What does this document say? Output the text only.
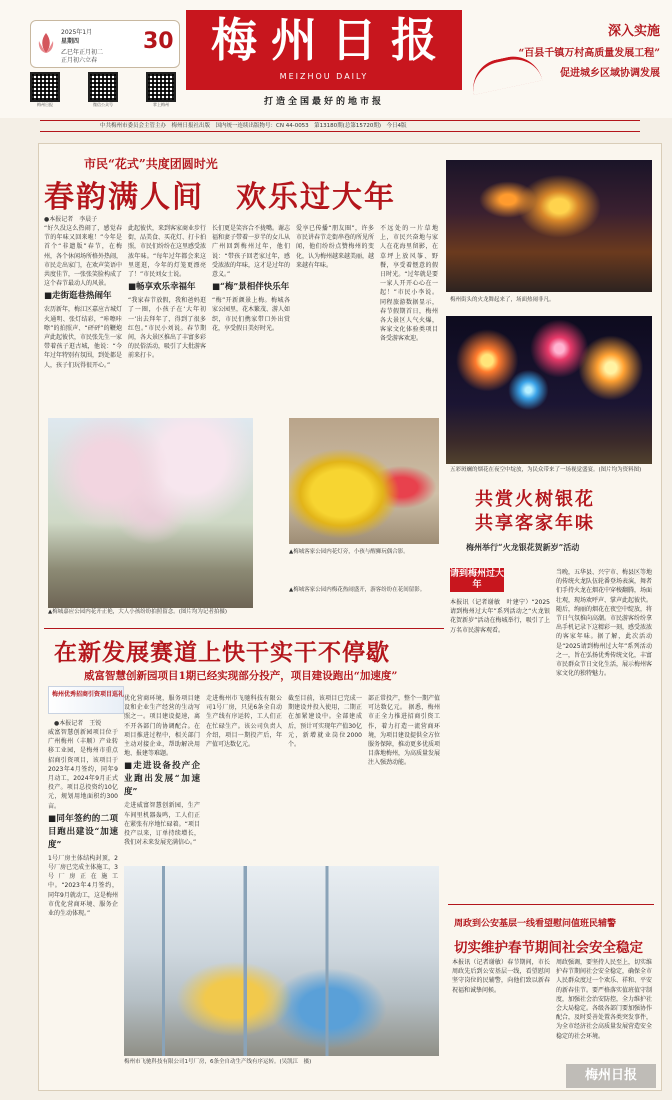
2025年1月
星期四
乙巳年正月初二
正月初六立春
30
梅州日报	微信公众号	掌上梅州
梅州日报
MEIZHOU DAILY
打造全国最好的地市报
深入实施
“百县千镇万村高质量发展工程”
促进城乡区域协调发展
中共梅州市委员会主管主办　梅州日报社出版　国内统一连续出版物号：CN 44-0053　第13180期(总第15720期)　今日4版
市民“花式”共度团圆时光
春韵满人间　欢乐过大年
●本报记者　李晨子
“好久没这么热闹了，感觉春节的年味又回来啦！”今年是首个“非遗版”春节，在梅州，各个休闲场所格外热闹，市民走出家门，在欢声笑语中共度佳节，一张张笑脸构成了这个春节最动人的风景。
■走街逛巷热闹年
农历新年，梅江区嘉应古城灯火通明、张灯结彩，“咔嚓咔嚓”的拍照声、“砰砰”的鞭炮声此起彼伏，市民张先生一家带着孩子逛古城，他说：“今年过年特别有氛围，到处都是人，孩子们玩得很开心。”
此起彼伏，来到客家商业步行街，品美食、买花灯、打卡拍照，市民们纷纷在这里感受浓浓年味。“每年过年都会来这里逛逛，今年的灯笼更漂亮了！”市民刘女士说。
■畅享欢乐幸福年
“我家春节放假，我和爸妈逛了一圈，小孩子在‘大年初一’出去拜年了，得到了很多红包。”市民小刘说。春节期间，各大景区推出了丰富多彩的民俗活动，吸引了大批游客前来打卡。
长们更是笑容合不拢嘴。谢志福和妻子带着一岁半的女儿从广州回到梅州过年，他们说：“带孩子回老家过年，感受浓浓的年味，这才是过年的意义。”
■“梅”景相伴快乐年
“梅”开新颜景上梅。梅城各家公园里，花木繁茂、游人如织，市民们携家带口外出赏花，享受假日美好时光。
爱享已传播“朋友圈”，许多市民讲春节走街串巷的所见所闻，他们纷纷点赞梅州的变化，认为梅州越来越美丽，越来越有年味。
不远处的一片草地上，市民兴奋地与家人在花海里留影，在草坪上放风筝、野餐，享受着惬意的假日时光。“过年就是要一家人开开心心在一起！”市民小李说。 同程旅游数据显示，春节假期首日，梅州各大景区人气火爆，客家文化体验类项目备受游客欢迎。
▲梅城嘉应公园内花开正艳，大人小孩纷纷拍照留念。(图片均为记者拍摄)
▲梅城客家公园内花灯旁，小孩与醒狮玩偶合影。
▲梅城客家公园内梅花热闹盛开，游客纷纷在花间留影。
梅州街头的火龙舞起来了，场面热闹非凡。
五彩斑斓的烟花在夜空中绽放，为民众带来了一场视觉盛宴。(图片均为资料图)
共赏火树银花
共享客家年味
梅州举行“火龙银花贺新岁”活动
请到梅州过大年
本报讯（记者谢敏　叶建宁）“2025请到梅州过大年”系列活动之“火龙银花贺新岁”活动在梅城举行，吸引了上万名市民游客观看。
当晚，五华县、兴宁市、梅县区等地的传统火龙队伍轮番登场表演，舞者们手持火龙在烟花中穿梭翻腾，场面壮观，现场欢呼声、掌声此起彼伏。随后，绚丽的烟花在夜空中绽放，将节日气氛推向高潮。市民游客纷纷拿出手机记录下这精彩一刻，感受浓浓的客家年味。据了解，此次活动是“2025请到梅州过大年”系列活动之一，旨在弘扬优秀传统文化，丰富市民群众节日文化生活，展示梅州客家文化的独特魅力。
在新发展赛道上快干实干不停歇
威富智慧创新园项目1期已经实现部分投产，项目建设跑出“加速度”
梅州优秀招商引资项目巡礼
●本报记者　王锐
威富智慧创新园项目位于广州梅州（丰顺）产业转移工业园，是梅州市重点招商引资项目，该项目于2023年4月签约，同年9月动工，2024年9月正式投产。项目总投资约10亿元，规划用地面积约300亩。
■同年签约的二项目跑出建设“加速度”
1号厂房主体结构封顶，2号厂房已完成主体施工，3号厂房正在施工中。“2023年4月签约，同年9月就动工，这是梅州市优化营商环境、服务企业的生动体现。”
优化营商环境，服务项目建设和企业生产经营的生动写照之一。项目建设提速，离不开各部门的协调配合。在项目推进过程中，相关部门主动对接企业，帮助解决用地、报建等难题。
■走进设备投产企业跑出发展“加速度”
走进威富智慧创新园，生产车间里机器轰鸣，工人们正在紧张有序地忙碌着。“项目投产以来，订单持续增长，我们对未来发展充满信心。”
走进梅州市飞驰科技有限公司1号厂房，只见6条全自动生产线有序运转，工人们正在忙碌生产。该公司负责人介绍，项目一期投产后，年产值可达数亿元。
截至目前，该项目已完成一期建设并投入使用，二期正在加紧建设中。全部建成后，预计可实现年产值30亿元，新增就业岗位2000个。
部正常投产，整个一期产值可达数亿元。 据悉，梅州市正全力推进招商引资工作，着力打造一流营商环境，为项目建设提供全方位服务保障，推动更多优质项目落地梅州，为高质量发展注入强劲动能。
梅州市飞驰科技有限公司1号厂房，6条全自动生产线有序运转。(吴凯江　摄)
周政到公安基层一线看望慰问值班民辅警
切实维护春节期间社会安全稳定
本报讯（记者谢敏）春节期间，市长周政先后到公安基层一线，看望慰问坚守岗位的民辅警，向他们致以新春祝福和诚挚问候。
周政强调，要坚持人民至上，切实维护春节期间社会安全稳定，确保全市人民群众度过一个欢乐、祥和、平安的新春佳节。要严格落实值班值守制度，加强社会治安防控，全力维护社会大局稳定。各级各部门要加强协作配合，及时妥善处置各类突发事件，为全市经济社会高质量发展营造安全稳定的社会环境。
梅州日报
